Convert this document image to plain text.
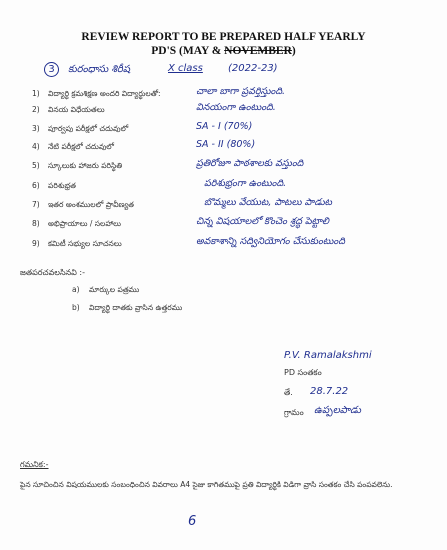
REVIEW REPORT TO BE PREPARED HALF YEARLY
PD'S (MAY & NOVEMBER)
3	కురంధాసు శిరీష	X class	(2022-23)
1) విద్యార్థి క్రమశిక్షణ అందరి విద్యార్థులతో:	చాలా బాగా ప్రవర్తిస్తుంది.
2) వినయ విధేయతలు	వినయంగా ఉంటుంది.
3) పూర్వపు పరీక్షలో చదువులో	SA - I (70%)
4) నేటి పరీక్షలో చదువులో	SA - II (80%)
5) స్కూలుకు హాజరు పరిస్థితి	ప్రతిరోజూ పాఠశాలకు వస్తుంది
6) పరిశుభ్రత	పరిశుభ్రంగా ఉంటుంది.
7) ఇతర అంశములలో ప్రావీణ్యత	బొమ్మలు వేయుట, పాటలు పాడుట
8) అభిప్రాయాలు / సలహాలు	చిన్న విషయాలలో కొంచెం శ్రద్ధ పెట్టాలి
9) కమిటీ సభ్యుల సూచనలు	అవకాశాన్ని సద్వినియోగం చేసుకుంటుంది
జతపరచవలసినవి :-
a) మార్కుల పత్రము
b) విద్యార్థి దాతకు వ్రాసిన ఉత్తరము
P.V. Ramalakshmi
PD సంతకం
తే. 28.7.22
గ్రామం ఉప్పలపాడు
గమనిక:-
పైన సూచించిన విషయములకు సంబంధించిన వివరాలు A4 సైజు కాగితముపై ప్రతి విద్యార్థికి విడిగా వ్రాసి సంతకం చేసి పంపవలెను.
6
